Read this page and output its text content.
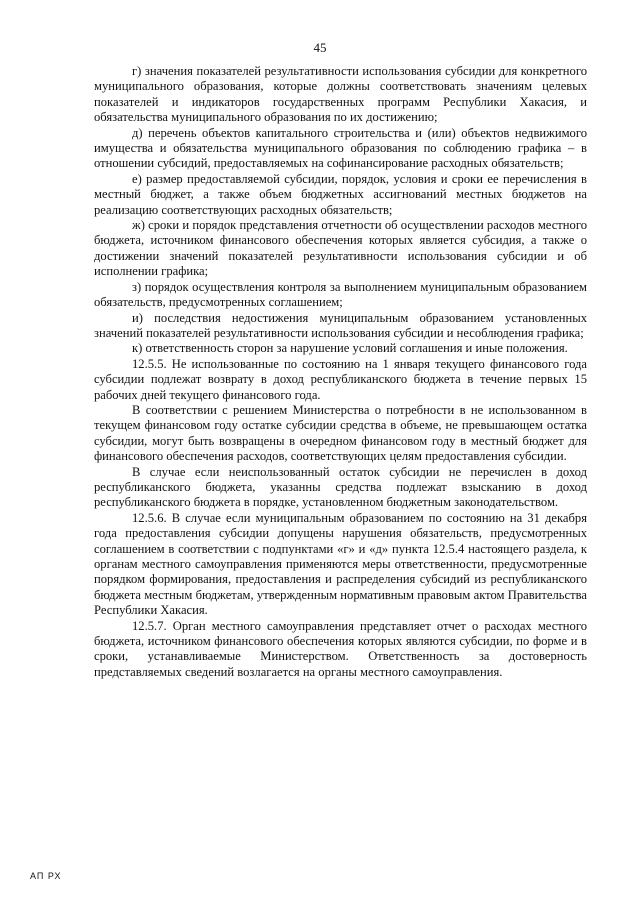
45

г) значения показателей результативности использования субсидии для конкретного муниципального образования, которые должны соответствовать значениям целевых показателей и индикаторов государственных программ Республики Хакасия, и обязательства муниципального образования по их достижению;

д) перечень объектов капитального строительства и (или) объектов недвижимого имущества и обязательства муниципального образования по соблюдению графика – в отношении субсидий, предоставляемых на софинансирование расходных обязательств;

е) размер предоставляемой субсидии, порядок, условия и сроки ее перечисления в местный бюджет, а также объем бюджетных ассигнований местных бюджетов на реализацию соответствующих расходных обязательств;

ж) сроки и порядок представления отчетности об осуществлении расходов местного бюджета, источником финансового обеспечения которых является субсидия, а также о достижении значений показателей результативности использования субсидии и об исполнении графика;

з) порядок осуществления контроля за выполнением муниципальным образованием обязательств, предусмотренных соглашением;

и) последствия недостижения муниципальным образованием установленных значений показателей результативности использования субсидии и несоблюдения графика;

к) ответственность сторон за нарушение условий соглашения и иные положения.

12.5.5. Не использованные по состоянию на 1 января текущего финансового года субсидии подлежат возврату в доход республиканского бюджета в течение первых 15 рабочих дней текущего финансового года.

В соответствии с решением Министерства о потребности в не использованном в текущем финансовом году остатке субсидии средства в объеме, не превышающем остатка субсидии, могут быть возвращены в очередном финансовом году в местный бюджет для финансового обеспечения расходов, соответствующих целям предоставления субсидии.

В случае если неиспользованный остаток субсидии не перечислен в доход республиканского бюджета, указанны средства подлежат взысканию в доход республиканского бюджета в порядке, установленном бюджетным законодательством.

12.5.6. В случае если муниципальным образованием по состоянию на 31 декабря года предоставления субсидии допущены нарушения обязательств, предусмотренных соглашением в соответствии с подпунктами «г» и «д» пункта 12.5.4 настоящего раздела, к органам местного самоуправления применяются меры ответственности, предусмотренные порядком формирования, предоставления и распределения субсидий из республиканского бюджета местным бюджетам, утвержденным нормативным правовым актом Правительства Республики Хакасия.

12.5.7. Орган местного самоуправления представляет отчет о расходах местного бюджета, источником финансового обеспечения которых являются субсидии, по форме и в сроки, устанавливаемые Министерством. Ответственность за достоверность представляемых сведений возлагается на органы местного самоуправления.

АП РХ
